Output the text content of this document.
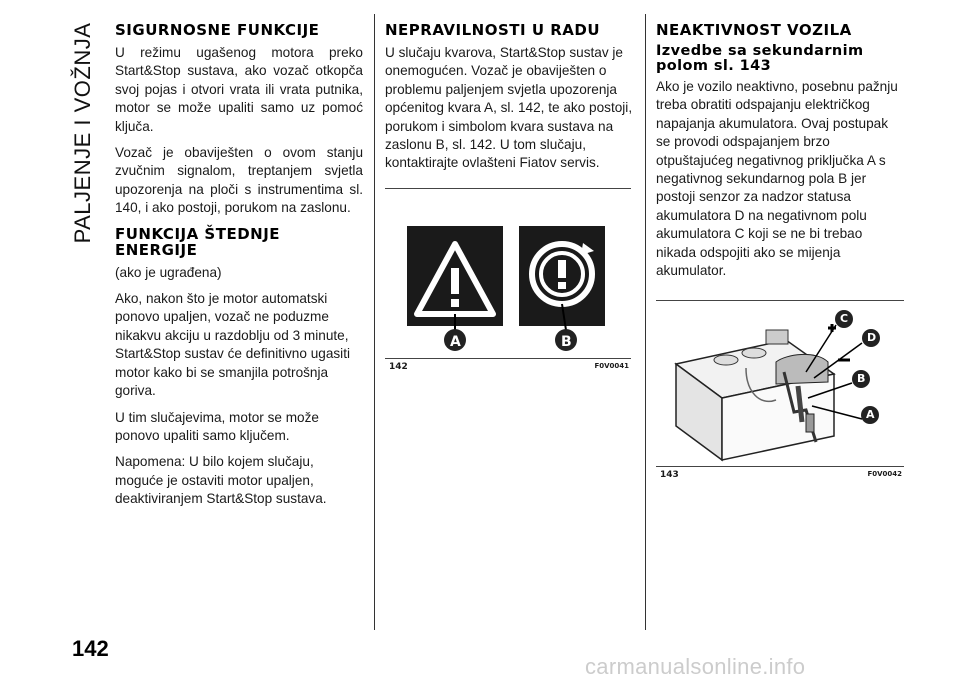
PALJENJE I VOŽNJA SIGURNOSNE FUNKCIJE

U režimu ugašenog motora preko Start&Stop sustava, ako vozač otkopča svoj pojas i otvori vrata ili vrata putnika, motor se može upaliti samo uz pomoć ključa.

Vozač je obaviješten o ovom stanju zvučnim signalom, treptanjem svjetla upozorenja na ploči s instrumentima sl. 140, i ako postoji, porukom na zaslonu.

FUNKCIJA ŠTEDNJE ENERGIJE

(ako je ugrađena)

Ako, nakon što je motor automatski ponovo upaljen, vozač ne poduzme nikakvu akciju u razdoblju od 3 minute, Start&Stop sustav će definitivno ugasiti motor kako bi se smanjila potrošnja goriva.

U tim slučajevima, motor se može ponovo upaliti samo ključem.

Napomena: U bilo kojem slučaju, moguće je ostaviti motor upaljen, deaktiviranjem Start&Stop sustava.

NEPRAVILNOSTI U RADU

U slučaju kvarova, Start&Stop sustav je onemogućen. Vozač je obaviješten o problemu paljenjem svjetla upozorenja općenitog kvara A, sl. 142, te ako postoji, porukom i simbolom kvara sustava na zaslonu B, sl. 142. U tom slučaju, kontaktirajte ovlašteni Fiatov servis.

A	B
142	F0V0041
NEAKTIVNOST VOZILA
Izvedbe sa sekundarnim polom sl. 143

Ako je vozilo neaktivno, posebnu pažnju treba obratiti odspajanju električkog napajanja akumulatora. Ovaj postupak se provodi odspajanjem brzo otpuštajućeg negativnog priključka A s negativnog sekundarnog pola B jer postoji senzor za nadzor statusa akumulatora D na negativnom polu akumulatora C koji se ne bi trebao nikada odspojiti ako se mijenja akumulator.

C
D
B
A
143	F0V0042
142
carmanualsonline.info
